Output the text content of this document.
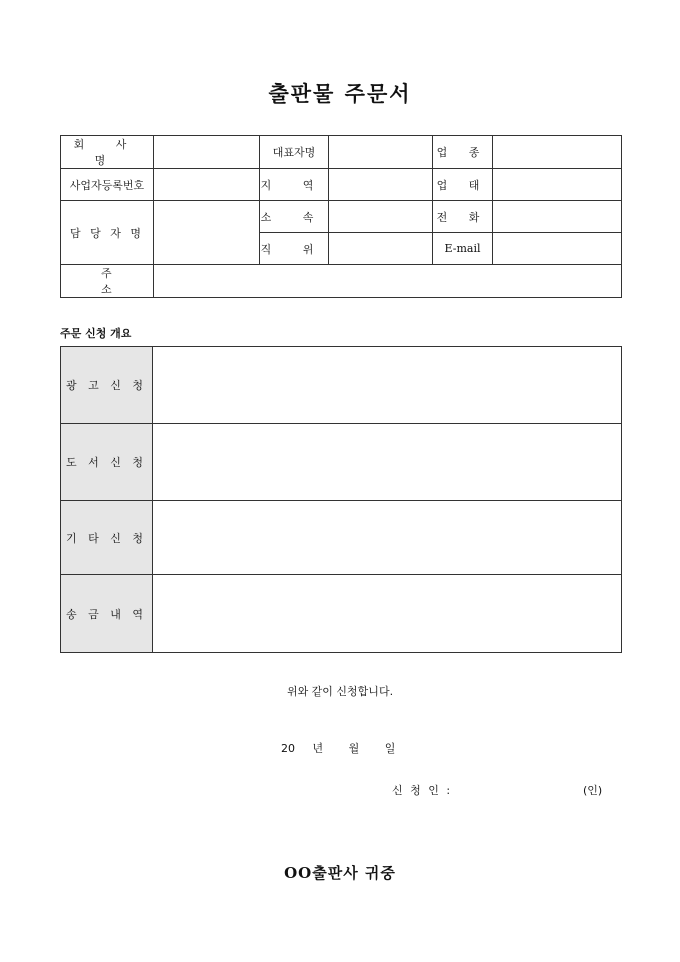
출판물 주문서
회 사 명		대표자명		업 종	
사업자등록번호		지 역		업 태	
담 당 자 명		소 속		전 화	
		직 위		E-mail	
주 소					
주문 신청 개요
광 고 신 청	
도 서 신 청	
기 타 신 청	
송 금 내 역	
위와 같이 신청합니다.
20 년 월 일
신 청 인 :	(인)
OO출판사 귀중
